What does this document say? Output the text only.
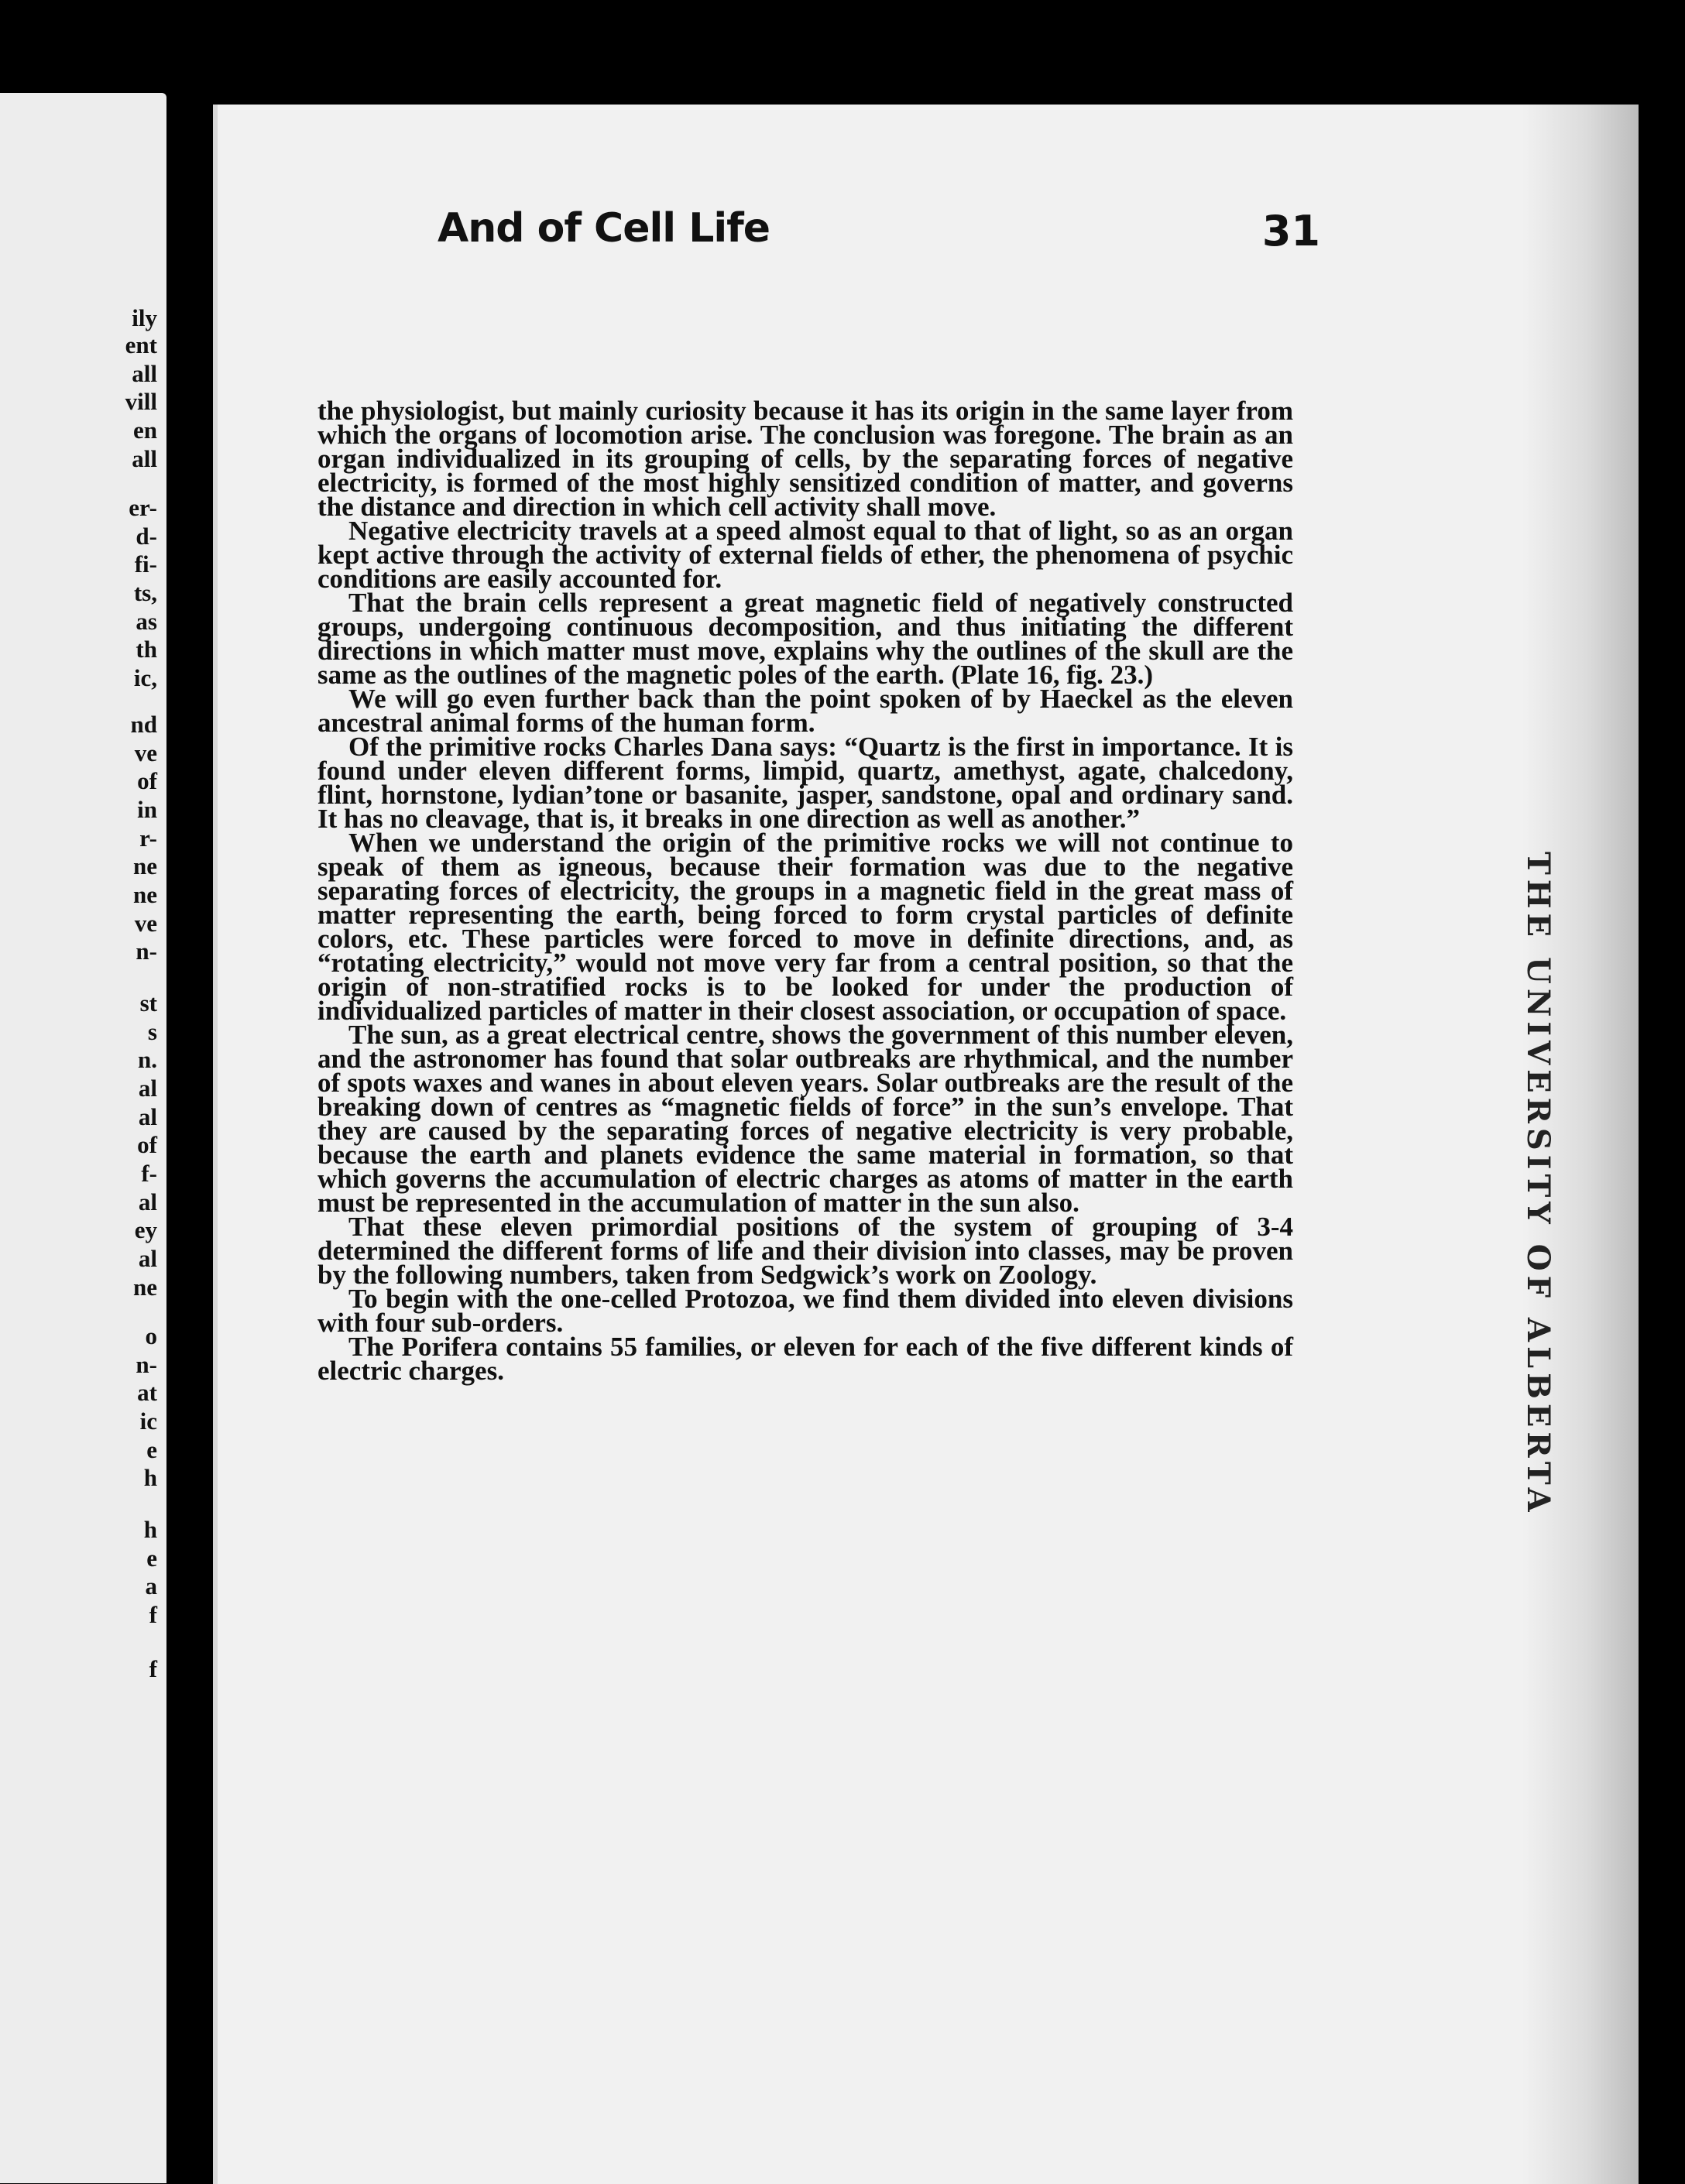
ily
ent
all
vill
en
all
er-
d-
fi-
ts,
as
th
ic,
nd
ve
of
in
r-
ne
ne
ve
n-
st
s
n.
al
al
of
f-
al
ey
al
ne
o
n-
at
ic
e
h
h
e
a
f
f
And of Cell Life	31

the physiologist, but mainly curiosity because it has its origin in the same layer from which the organs of locomotion arise. The conclusion was foregone. The brain as an organ individualized in its grouping of cells, by the separating forces of negative electricity, is formed of the most highly sensitized condition of matter, and governs the distance and direction in which cell activity shall move.

Negative electricity travels at a speed almost equal to that of light, so as an organ kept active through the activity of external fields of ether, the phenomena of psychic conditions are easily accounted for.

That the brain cells represent a great magnetic field of negatively constructed groups, undergoing continuous decomposition, and thus initiating the different directions in which matter must move, explains why the outlines of the skull are the same as the outlines of the magnetic poles of the earth. (Plate 16, fig. 23.)

We will go even further back than the point spoken of by Haeckel as the eleven ancestral animal forms of the human form.

Of the primitive rocks Charles Dana says: “Quartz is the first in importance. It is found under eleven different forms, limpid, quartz, amethyst, agate, chalcedony, flint, hornstone, lydian’tone or basanite, jasper, sandstone, opal and ordinary sand. It has no cleavage, that is, it breaks in one direction as well as another.”

When we understand the origin of the primitive rocks we will not continue to speak of them as igneous, because their formation was due to the negative separating forces of electricity, the groups in a magnetic field in the great mass of matter representing the earth, being forced to form crystal particles of definite colors, etc. These particles were forced to move in definite directions, and, as “rotating electricity,” would not move very far from a central position, so that the origin of non-stratified rocks is to be looked for under the production of individualized particles of matter in their closest association, or occupation of space.

The sun, as a great electrical centre, shows the government of this number eleven, and the astronomer has found that solar outbreaks are rhythmical, and the number of spots waxes and wanes in about eleven years. Solar outbreaks are the result of the breaking down of centres as “magnetic fields of force” in the sun’s envelope. That they are caused by the separating forces of negative electricity is very probable, because the earth and planets evidence the same material in formation, so that which governs the accumulation of electric charges as atoms of matter in the earth must be represented in the accumulation of matter in the sun also.

That these eleven primordial positions of the system of grouping of 3-4 determined the different forms of life and their division into classes, may be proven by the following numbers, taken from Sedgwick’s work on Zoology.

To begin with the one-celled Protozoa, we find them divided into eleven divisions with four sub-orders.

The Porifera contains 55 families, or eleven for each of the five different kinds of electric charges.	THE UNIVERSITY OF ALBERTA
